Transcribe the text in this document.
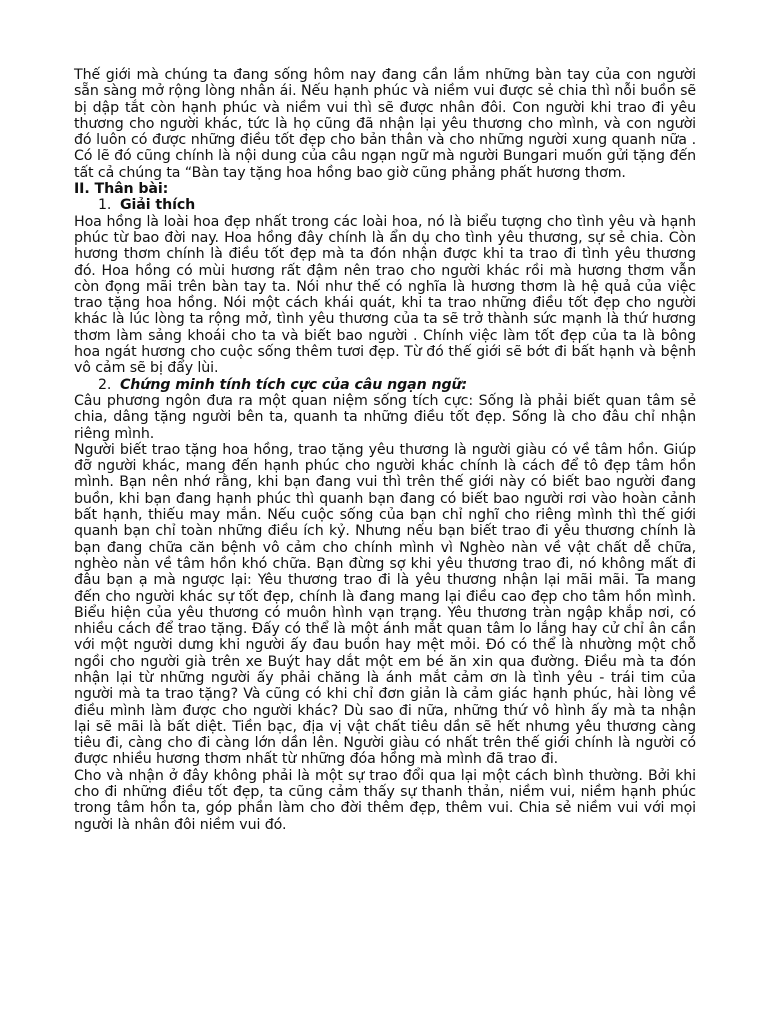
Thế giới mà chúng ta đang sống hôm nay đang cần lắm những bàn tay của con người sẵn sàng mở rộng lòng nhân ái. Nếu hạnh phúc và niềm vui được sẻ chia thì nỗi buồn sẽ bị dập tắt còn hạnh phúc và niềm vui thì sẽ được nhân đôi. Con người khi trao đi yêu thương cho người khác, tức là họ cũng đã nhận lại yêu thương cho mình, và con người đó luôn có được những điều tốt đẹp cho bản thân và cho những người xung quanh nữa . Có lẽ đó cũng chính là nội dung của câu ngạn ngữ mà người Bungari muốn gửi tặng đến tất cả chúng ta “Bàn tay tặng hoa hồng bao giờ cũng phảng phất hương thơm.

II. Thân bài:

1. Giải thích

Hoa hồng là loài hoa đẹp nhất trong các loài hoa, nó là biểu tượng cho tình yêu và hạnh phúc từ bao đời nay. Hoa hồng đây chính là ẩn dụ cho tình yêu thương, sự sẻ chia. Còn hương thơm chính là điều tốt đẹp mà ta đón nhận được khi ta trao đi tình yêu thương đó. Hoa hồng có mùi hương rất đậm nên trao cho người khác rồi mà hương thơm vẫn còn đọng mãi trên bàn tay ta. Nói như thế có nghĩa là hương thơm là hệ quả của việc trao tặng hoa hồng. Nói một cách khái quát, khi ta trao những điều tốt đẹp cho người khác là lúc lòng ta rộng mở, tình yêu thương của ta sẽ trở thành sức mạnh là thứ hương thơm làm sảng khoái cho ta và biết bao người . Chính việc làm tốt đẹp của ta là bông hoa ngát hương cho cuộc sống thêm tươi đẹp. Từ đó thế giới sẽ bớt đi bất hạnh và bệnh vô cảm sẽ bị đẩy lùi.

2. Chứng minh tính tích cực của câu ngạn ngữ:

Câu phương ngôn đưa ra một quan niệm sống tích cực: Sống là phải biết quan tâm sẻ chia, dâng tặng người bên ta, quanh ta những điều tốt đẹp. Sống là cho đâu chỉ nhận riêng mình.

Người biết trao tặng hoa hồng, trao tặng yêu thương là người giàu có về tâm hồn. Giúp đỡ người khác, mang đến hạnh phúc cho người khác chính là cách để tô đẹp tâm hồn mình. Bạn nên nhớ rằng, khi bạn đang vui thì trên thế giới này có biết bao người đang buồn, khi bạn đang hạnh phúc thì quanh bạn đang có biết bao người rơi vào hoàn cảnh bất hạnh, thiếu may mắn. Nếu cuộc sống của bạn chỉ nghĩ cho riêng mình thì thế giới quanh bạn chỉ toàn những điều ích kỷ. Nhưng nếu bạn biết trao đi yêu thương chính là bạn đang chữa căn bệnh vô cảm cho chính mình vì Nghèo nàn về vật chất dễ chữa, nghèo nàn về tâm hồn khó chữa. Bạn đừng sợ khi yêu thương trao đi, nó không mất đi đâu bạn ạ mà ngược lại: Yêu thương trao đi là yêu thương nhận lại mãi mãi. Ta mang đến cho người khác sự tốt đẹp, chính là đang mang lại điều cao đẹp cho tâm hồn mình. Biểu hiện của yêu thương có muôn hình vạn trạng. Yêu thương tràn ngập khắp nơi, có nhiều cách để trao tặng. Đấy có thể là một ánh mắt quan tâm lo lắng hay cử chỉ ân cần với một người dưng khi người ấy đau buồn hay mệt mỏi. Đó có thể là nhường một chỗ ngồi cho người già trên xe Buýt hay dắt một em bé ăn xin qua đường. Điều mà ta đón nhận lại từ những người ấy phải chăng là ánh mắt cảm ơn là tình yêu - trái tim của người mà ta trao tặng? Và cũng có khi chỉ đơn giản là cảm giác hạnh phúc, hài lòng về điều mình làm được cho người khác? Dù sao đi nữa, những thứ vô hình ấy mà ta nhận lại sẽ mãi là bất diệt. Tiền bạc, địa vị vật chất tiêu dần sẽ hết nhưng yêu thương càng tiêu đi, càng cho đi càng lớn dần lên. Người giàu có nhất trên thế giới chính là người có được nhiều hương thơm nhất từ những đóa hồng mà mình đã trao đi.

Cho và nhận ở đây không phải là một sự trao đổi qua lại một cách bình thường. Bởi khi cho đi những điều tốt đẹp, ta cũng cảm thấy sự thanh thản, niềm vui, niềm hạnh phúc trong tâm hồn ta, góp phần làm cho đời thêm đẹp, thêm vui. Chia sẻ niềm vui với mọi người là nhân đôi niềm vui đó.
